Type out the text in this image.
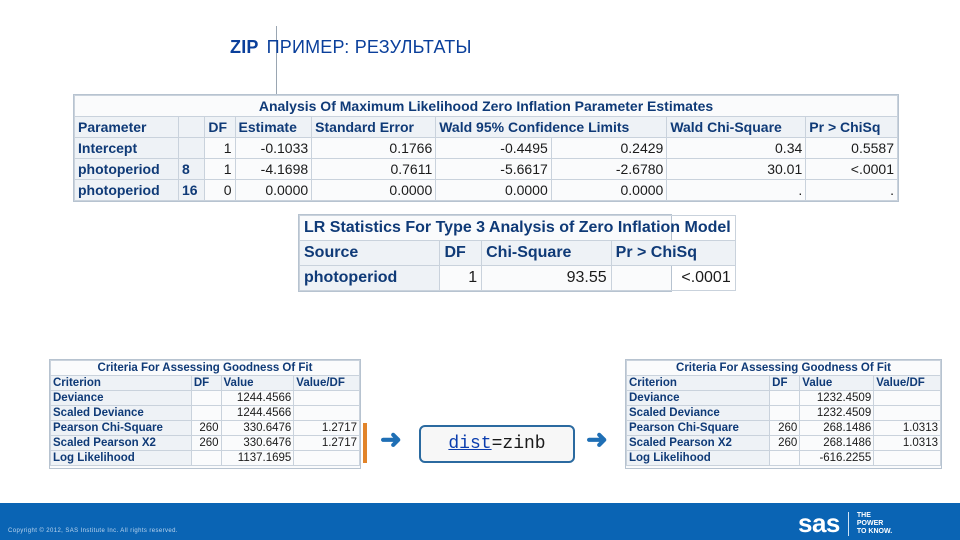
ZIP ПРИМЕР: РЕЗУЛЬТАТЫ
Analysis Of Maximum Likelihood Zero Inflation Parameter Estimates								
Parameter		DF	Estimate	Standard Error	Wald 95% Confidence Limits		Wald Chi-Square	Pr > ChiSq
Intercept		1	-0.1033	0.1766	-0.4495	0.2429	0.34	0.5587
photoperiod	8	1	-4.1698	0.7611	-5.6617	-2.6780	30.01	<.0001
photoperiod	16	0	0.0000	0.0000	0.0000	0.0000	.	.
LR Statistics For Type 3 Analysis of Zero Inflation Model			
Source	DF	Chi-Square	Pr > ChiSq
photoperiod	1	93.55	<.0001
Criteria For Assessing Goodness Of Fit			
Criterion	DF	Value	Value/DF
Deviance		1244.4566	
Scaled Deviance		1244.4566	
Pearson Chi-Square	260	330.6476	1.2717
Scaled Pearson X2	260	330.6476	1.2717
Log Likelihood		1137.1695	
➜	dist =zinb ➜
Criteria For Assessing Goodness Of Fit			
Criterion	DF	Value	Value/DF
Deviance		1232.4509	
Scaled Deviance		1232.4509	
Pearson Chi-Square	260	268.1486	1.0313
Scaled Pearson X2	260	268.1486	1.0313
Log Likelihood		-616.2255	
Copyright © 2012, SAS Institute Inc. All rights reserved.	sas THE
POWER
TO KNOW.
